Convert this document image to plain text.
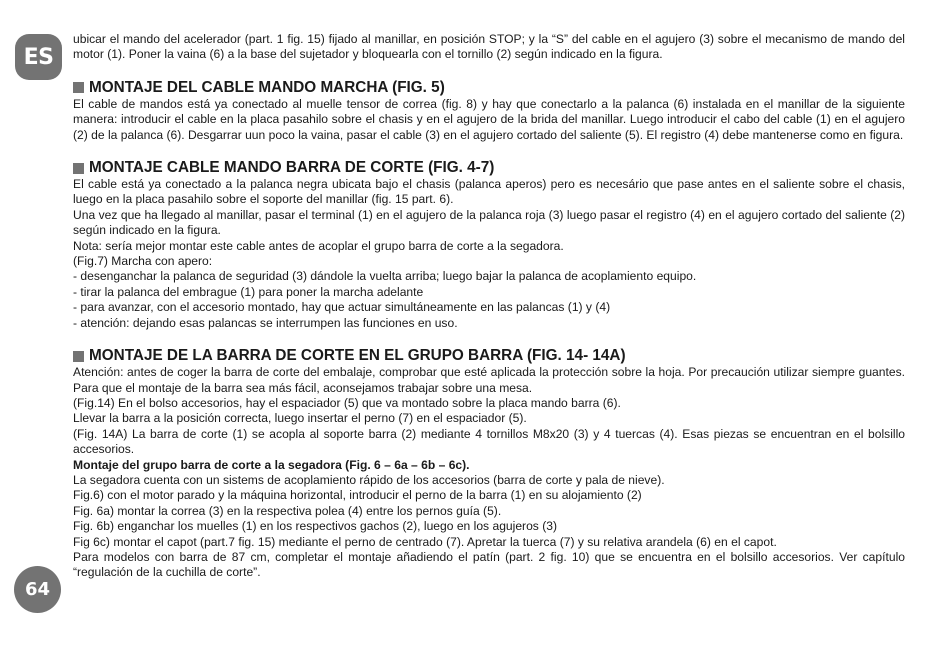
ES
64

ubicar el mando del acelerador (part. 1 fig. 15) fijado al manillar, en posición STOP; y la “S” del cable en el agujero (3) sobre el mecanismo de mando del motor (1). Poner la vaina (6) a la base del sujetador y bloquearla con el tornillo (2) según indicado en la figura.

MONTAJE DEL CABLE MANDO MARCHA (FIG. 5)

El cable de mandos está ya conectado al muelle tensor de correa (fig. 8) y hay que conectarlo a la palanca (6) instalada en el manillar de la siguiente manera: introducir el cable en la placa pasahilo sobre el chasis y en el agujero de la brida del manillar. Luego introducir el cabo del cable (1) en el agujero (2) de la palanca (6). Desgarrar uun poco la vaina, pasar el cable (3) en el agujero cortado del saliente (5). El registro (4) debe mantenerse como en figura.

MONTAJE CABLE MANDO BARRA DE CORTE (FIG. 4-7)

El cable está ya conectado a la palanca negra ubicata bajo el chasis (palanca aperos) pero es necesário que pase antes en el saliente sobre el chasis, luego en la placa pasahilo sobre el soporte del manillar (fig. 15 part. 6).

Una vez que ha llegado al manillar, pasar el terminal (1) en el agujero de la palanca roja (3) luego pasar el registro (4) en el agujero cortado del saliente (2) según indicado en la figura.

Nota: sería mejor montar este cable antes de acoplar el grupo barra de corte a la segadora.

(Fig.7) Marcha con apero:

- desenganchar la palanca de seguridad (3) dándole la vuelta arriba; luego bajar la palanca de acoplamiento equipo.

- tirar la palanca del embrague (1) para poner la marcha adelante

- para avanzar, con el accesorio montado, hay que actuar simultáneamente en las palancas (1) y (4)

- atención: dejando esas palancas se interrumpen las funciones en uso.

MONTAJE DE LA BARRA DE CORTE EN EL GRUPO BARRA (FIG. 14- 14A)

Atención: antes de coger la barra de corte del embalaje, comprobar que esté aplicada la protección sobre la hoja. Por precaución utilizar siempre guantes. Para que el montaje de la barra sea más fácil, aconsejamos trabajar sobre una mesa.

(Fig.14) En el bolso accesorios, hay el espaciador (5) que va montado sobre la placa mando barra (6).

Llevar la barra a la posición correcta, luego insertar el perno (7) en el espaciador (5).

(Fig. 14A) La barra de corte (1) se acopla al soporte barra (2) mediante 4 tornillos M8x20 (3) y 4 tuercas (4). Esas piezas se encuentran en el bolsillo accesorios.

Montaje del grupo barra de corte a la segadora (Fig. 6 – 6a – 6b – 6c).

La segadora cuenta con un sistems de acoplamiento rápido de los accesorios (barra de corte y pala de nieve).

Fig.6) con el motor parado y la máquina horizontal, introducir el perno de la barra (1) en su alojamiento (2)

Fig. 6a) montar la correa (3) en la respectiva polea (4) entre los pernos guía (5).

Fig. 6b) enganchar los muelles (1) en los respectivos gachos (2), luego en los agujeros (3)

Fig 6c) montar el capot (part.7 fig. 15) mediante el perno de centrado (7). Apretar la tuerca (7) y su relativa arandela (6) en el capot.

Para modelos con barra de 87 cm, completar el montaje añadiendo el patín (part. 2 fig. 10) que se encuentra en el bolsillo accesorios. Ver capítulo “regulación de la cuchilla de corte”.
